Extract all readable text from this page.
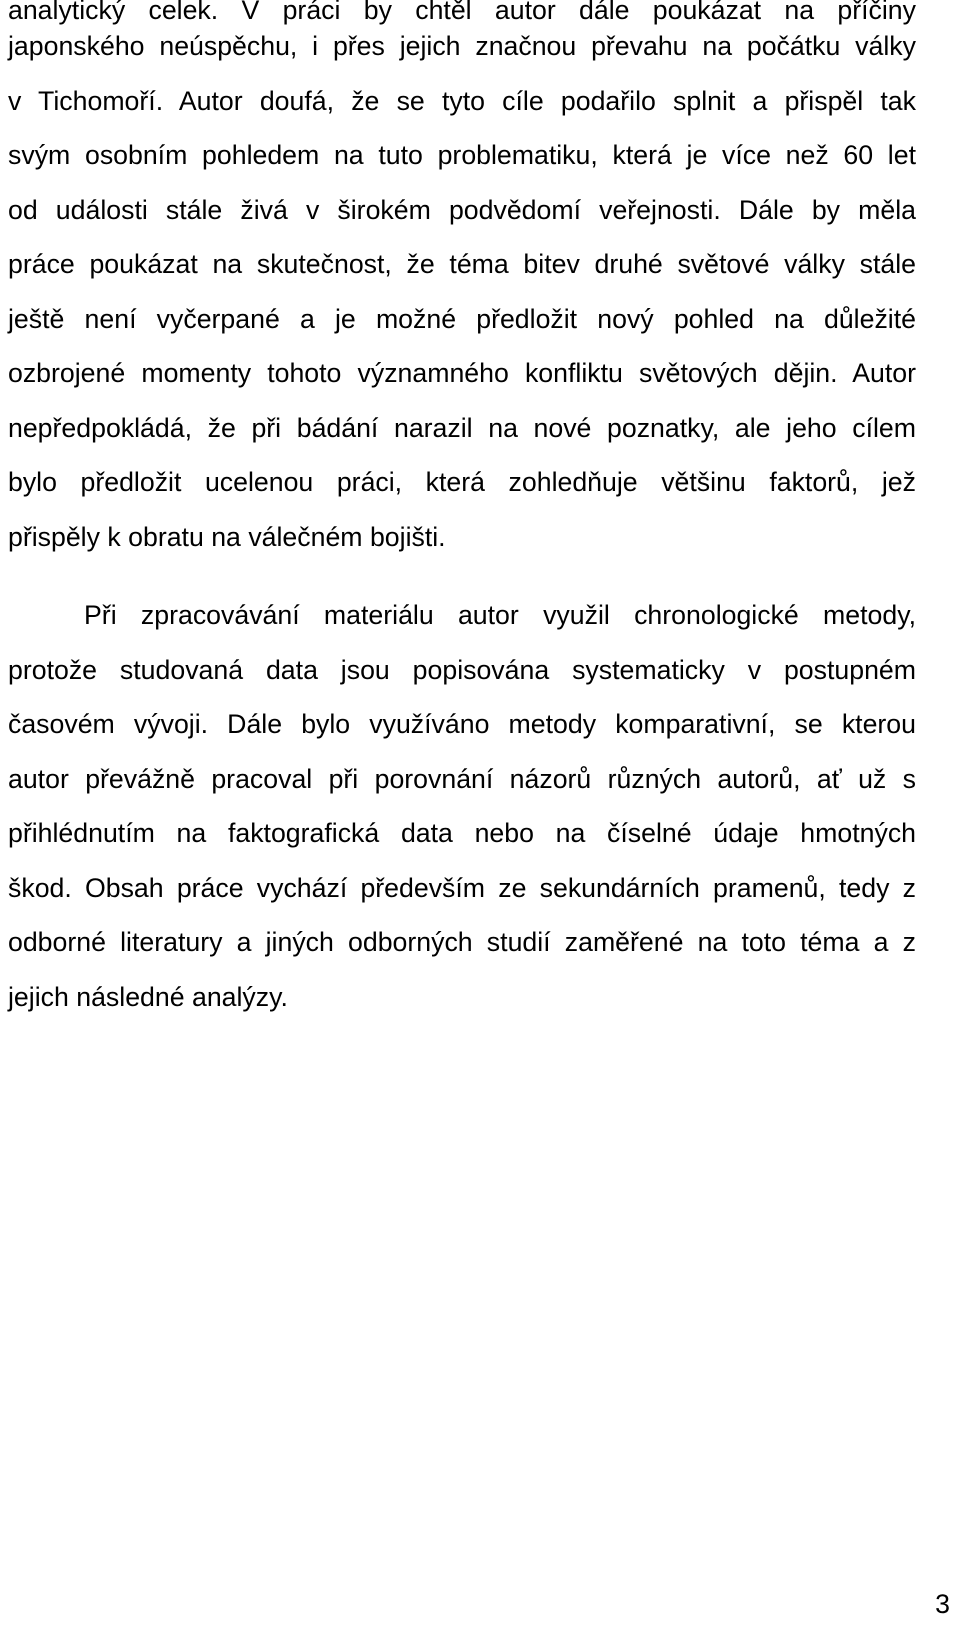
analytický celek. V práci by chtěl autor dále poukázat na příčiny
japonského neúspěchu, i přes jejich značnou převahu na počátku války
v Tichomoří. Autor doufá, že se tyto cíle podařilo splnit a přispěl tak
svým osobním pohledem na tuto problematiku, která je více než 60 let
od události stále živá v širokém podvědomí veřejnosti. Dále by měla
práce poukázat na skutečnost, že téma bitev druhé světové války stále
ještě není vyčerpané a je možné předložit nový pohled na důležité
ozbrojené momenty tohoto významného konfliktu světových dějin. Autor
nepředpokládá, že při bádání narazil na nové poznatky, ale jeho cílem
bylo předložit ucelenou práci, která zohledňuje většinu faktorů, jež
přispěly k obratu na válečném bojišti.
Při zpracovávání materiálu autor využil chronologické metody,
protože studovaná data jsou popisována systematicky v postupném
časovém vývoji. Dále bylo využíváno metody komparativní, se kterou
autor převážně pracoval při porovnání názorů různých autorů, ať už s
přihlédnutím na faktografická data nebo na číselné údaje hmotných
škod. Obsah práce vychází především ze sekundárních pramenů, tedy z
odborné literatury a jiných odborných studií zaměřené na toto téma a z
jejich následné analýzy.
3
